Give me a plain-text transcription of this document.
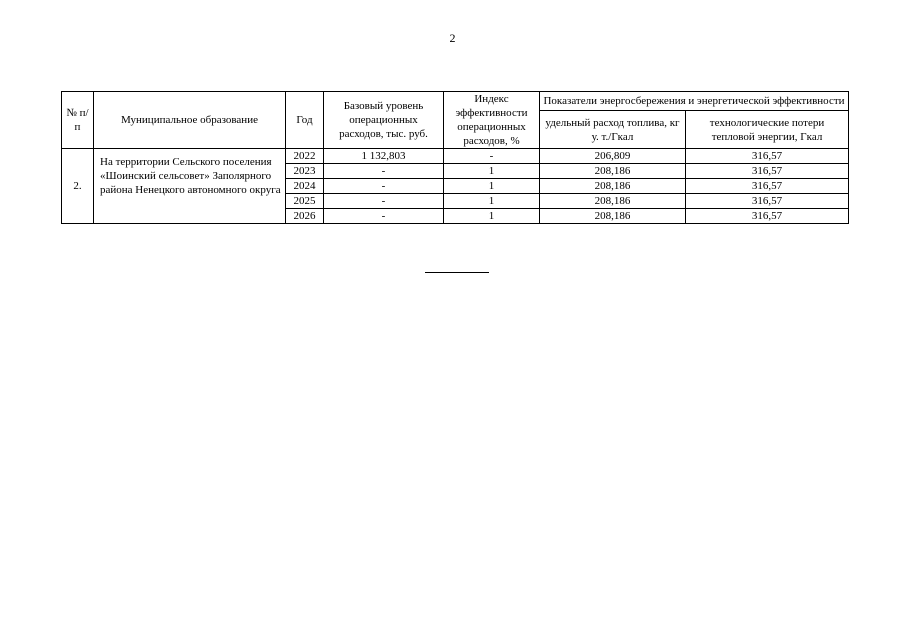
2
№ п/п	Муниципальное образование	Год	Базовый уровень операционных расходов, тыс. руб.	Индекс эффективности операционных расходов, %	Показатели энергосбережения и энергетической эффективности	
					удельный расход топлива, кг у. т./Гкал	технологические потери тепловой энергии, Гкал
2.	На территории Сельского поселения «Шоинский сельсовет» Заполярного района Ненецкого автономного округа	2022	1 132,803	-	206,809	316,57
		2023	-	1	208,186	316,57
		2024	-	1	208,186	316,57
		2025	-	1	208,186	316,57
		2026	-	1	208,186	316,57
